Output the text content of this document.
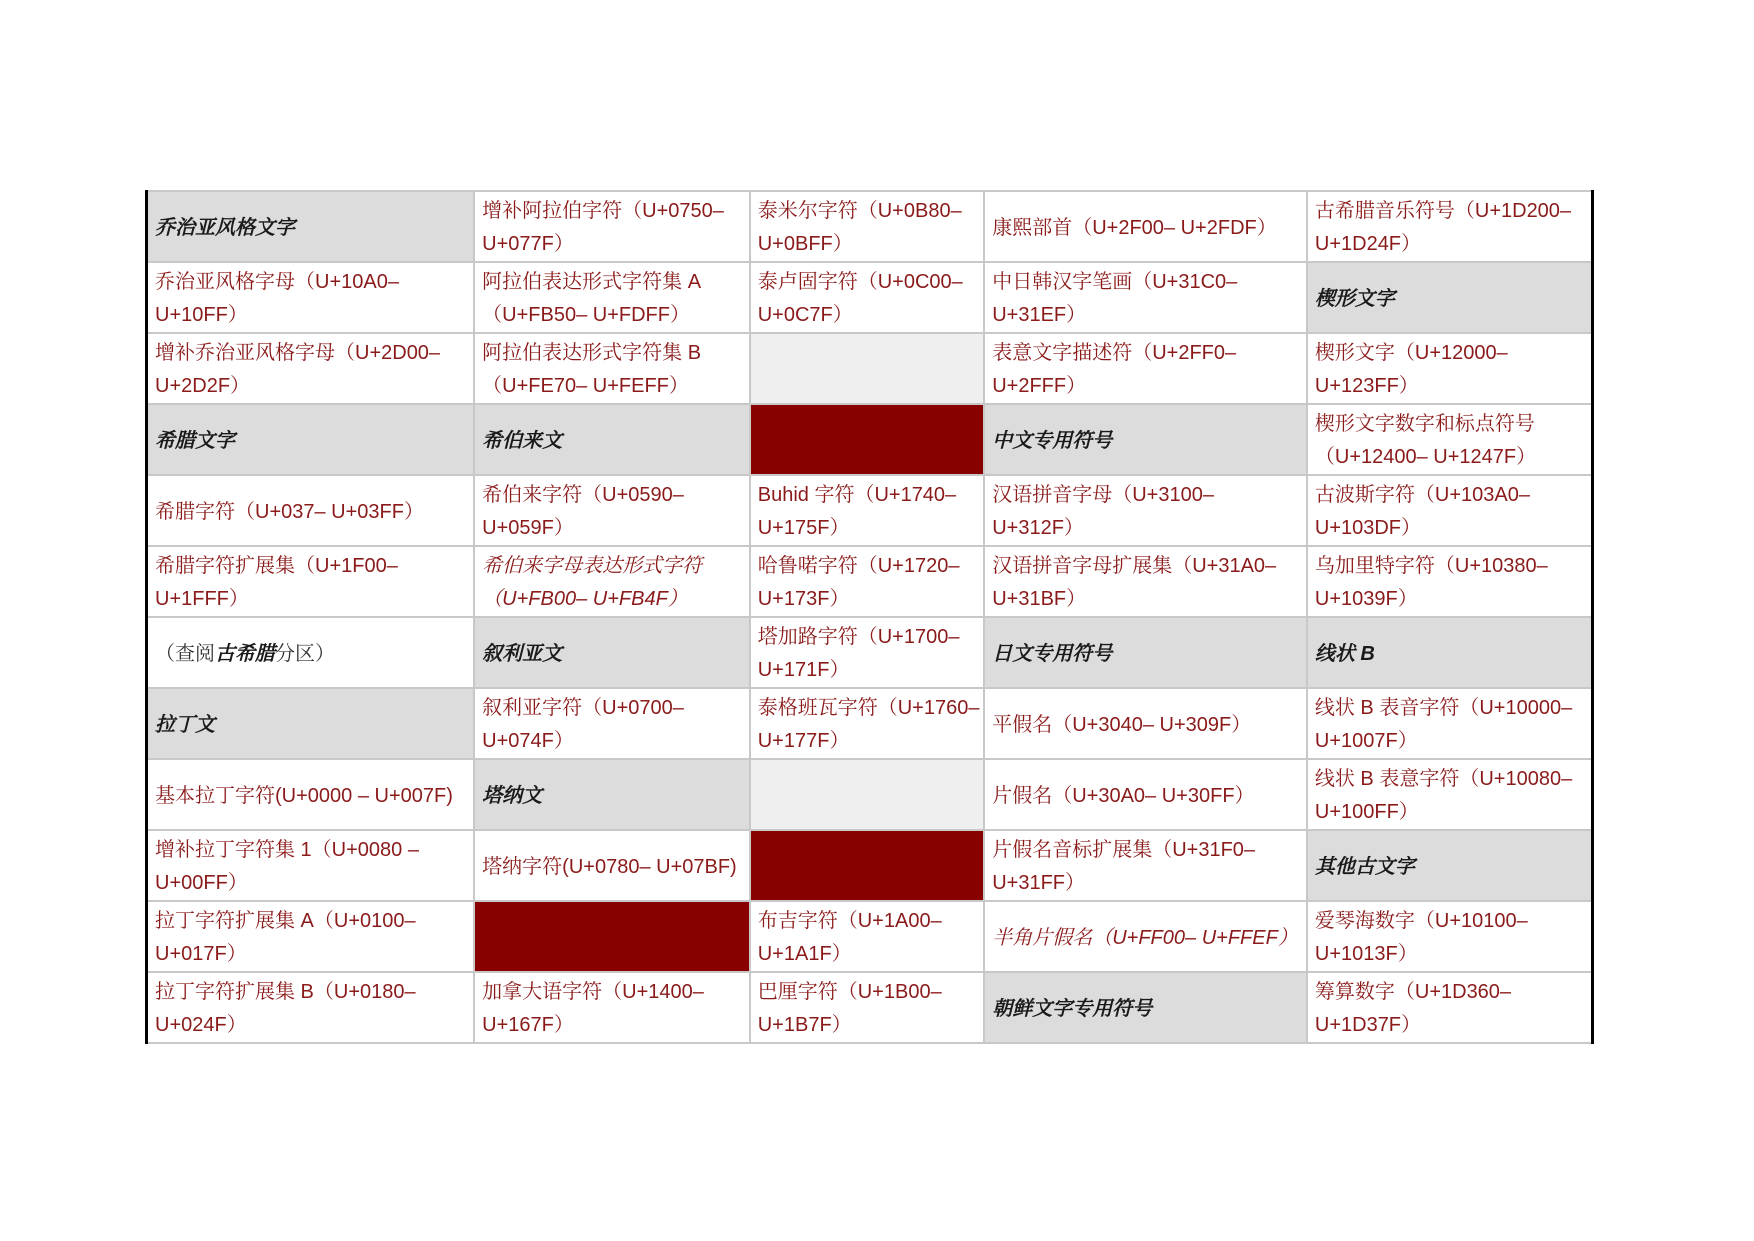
乔治亚风格文字	增补阿拉伯字符（U+0750–
U+077F）	泰米尔字符（U+0B80–
U+0BFF）	康熙部首（U+2F00– U+2FDF）	古希腊音乐符号（U+1D200–
U+1D24F）

乔治亚风格字母（U+10A0–
U+10FF）	阿拉伯表达形式字符集 A
（U+FB50– U+FDFF）	泰卢固字符（U+0C00–
U+0C7F）	中日韩汉字笔画（U+31C0–
U+31EF）	楔形文字

增补乔治亚风格字母（U+2D00–
U+2D2F）	阿拉伯表达形式字符集 B
（U+FE70– U+FEFF）		表意文字描述符（U+2FF0–
U+2FFF）	楔形文字（U+12000–
U+123FF）

希腊文字	希伯来文		中文专用符号	楔形文字数字和标点符号
（U+12400– U+1247F）

希腊字符（U+037– U+03FF）	希伯来字符（U+0590–
U+059F）	Buhid 字符（U+1740–
U+175F）	汉语拼音字母（U+3100–
U+312F）	古波斯字符（U+103A0–
U+103DF）

希腊字符扩展集（U+1F00–
U+1FFF）	希伯来字母表达形式字符
（U+FB00– U+FB4F）	哈鲁喏字符（U+1720–
U+173F）	汉语拼音字母扩展集（U+31A0–
U+31BF）	乌加里特字符（U+10380–
U+1039F）

（查阅古希腊分区）	叙利亚文	塔加路字符（U+1700–
U+171F）	日文专用符号	线状 B

拉丁文	叙利亚字符（U+0700–
U+074F）	泰格班瓦字符（U+1760–
U+177F）	平假名（U+3040– U+309F）	线状 B 表音字符（U+10000–
U+1007F）

基本拉丁字符(U+0000 – U+007F)	塔纳文		片假名（U+30A0– U+30FF）	线状 B 表意字符（U+10080–
U+100FF）

增补拉丁字符集 1（U+0080 –
U+00FF）	塔纳字符(U+0780– U+07BF)		片假名音标扩展集（U+31F0–
U+31FF）	其他古文字

拉丁字符扩展集 A（U+0100–
U+017F）		布吉字符（U+1A00–
U+1A1F）	半角片假名（U+FF00– U+FFEF）	爱琴海数字（U+10100–
U+1013F）

拉丁字符扩展集 B（U+0180–
U+024F）	加拿大语字符（U+1400–
U+167F）	巴厘字符（U+1B00–
U+1B7F）	朝鲜文字专用符号	筹算数字（U+1D360–
U+1D37F）
